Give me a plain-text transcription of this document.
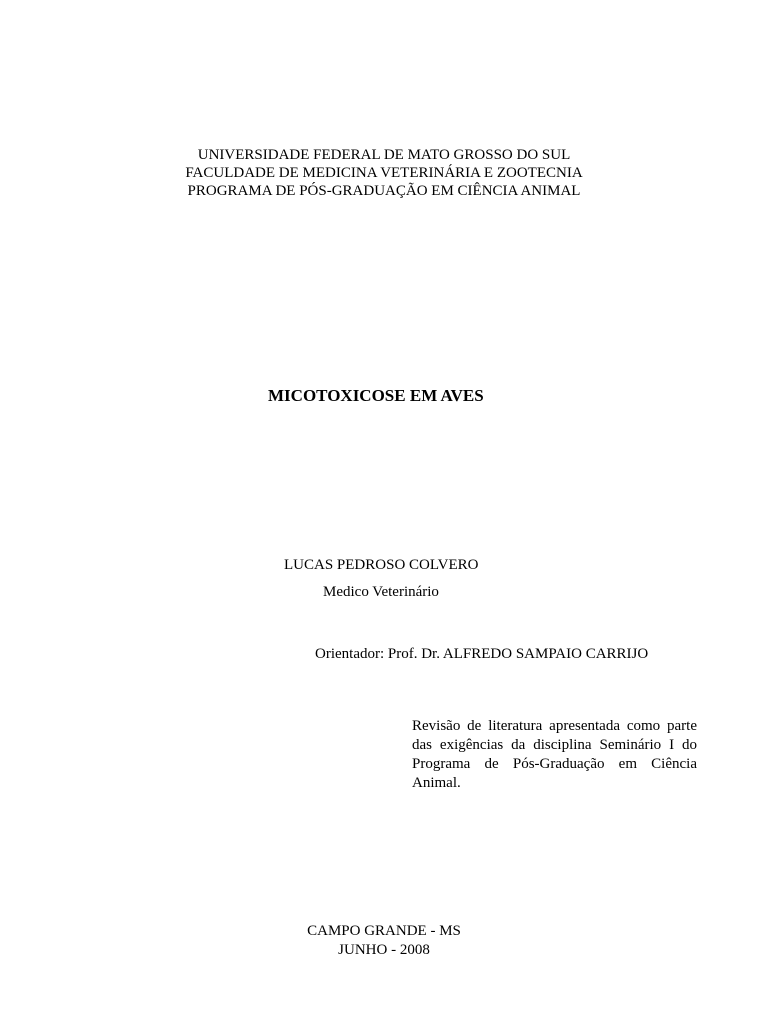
UNIVERSIDADE FEDERAL DE MATO GROSSO DO SUL
FACULDADE DE MEDICINA VETERINÁRIA E ZOOTECNIA
PROGRAMA DE PÓS-GRADUAÇÃO EM CIÊNCIA ANIMAL
MICOTOXICOSE EM AVES
LUCAS PEDROSO COLVERO
Medico Veterinário
Orientador: Prof. Dr. ALFREDO SAMPAIO CARRIJO
Revisão de literatura apresentada como parte das exigências da disciplina Seminário I do Programa de Pós-Graduação em Ciência Animal.
CAMPO GRANDE - MS
JUNHO - 2008
